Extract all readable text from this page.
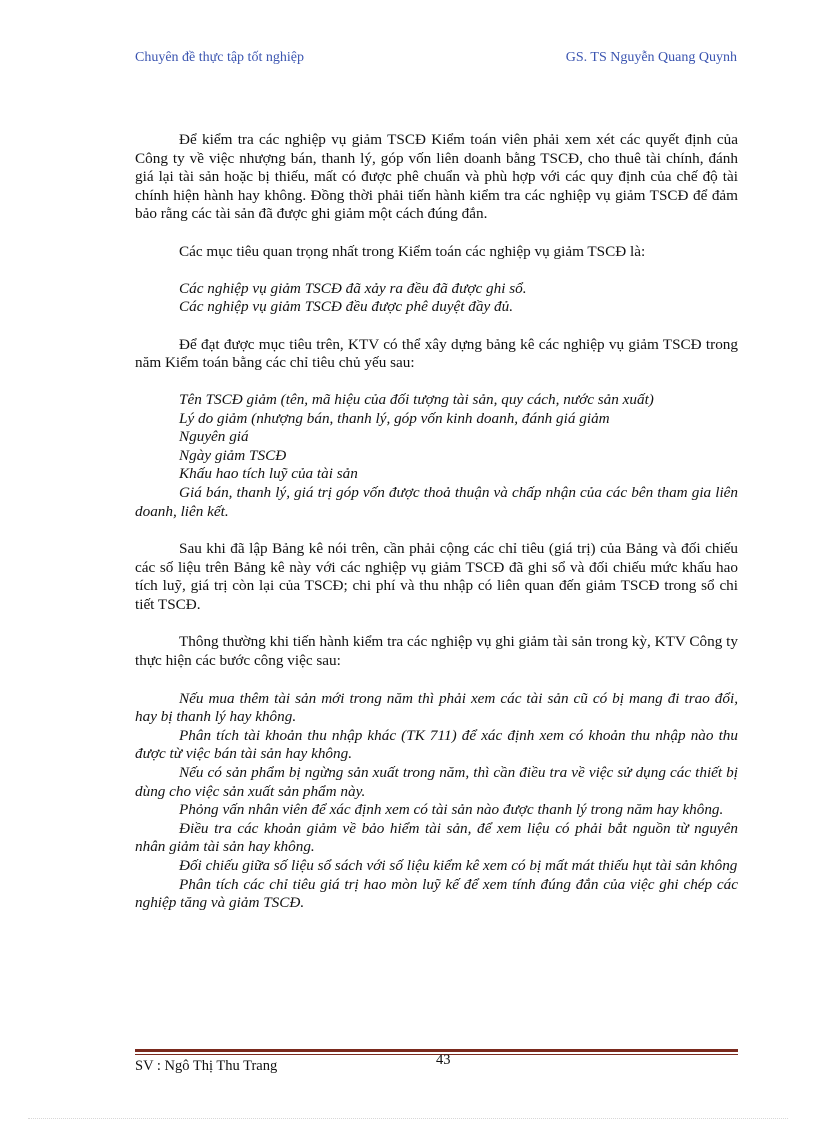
Chuyên đề thực tập tốt nghiệp	GS. TS Nguyễn Quang Quynh

Để kiểm tra các nghiệp vụ giảm TSCĐ Kiểm toán viên phải xem xét các quyết định của Công ty về việc nhượng bán, thanh lý, góp vốn liên doanh bằng TSCĐ, cho thuê tài chính, đánh giá lại tài sản hoặc bị thiếu, mất có được phê chuẩn và phù hợp với các quy định của chế độ tài chính hiện hành hay không. Đồng thời phải tiến hành kiểm tra các nghiệp vụ giảm TSCĐ để đảm bảo rằng các tài sản đã được ghi giảm một cách đúng đắn.

Các mục tiêu quan trọng nhất trong Kiểm toán các nghiệp vụ giảm TSCĐ là:

Các nghiệp vụ giảm TSCĐ đã xảy ra đều đã được ghi sổ.

Các nghiệp vụ giảm TSCĐ đều được phê duyệt đầy đủ.

Để đạt được mục tiêu trên, KTV có thể xây dựng bảng kê các nghiệp vụ giảm TSCĐ trong năm Kiểm toán bằng các chỉ tiêu chủ yếu sau:

Tên TSCĐ giảm (tên, mã hiệu của đối tượng tài sản, quy cách, nước sản xuất)

Lý do giảm (nhượng bán, thanh lý, góp vốn kinh doanh, đánh giá giảm

Nguyên giá

Ngày giảm TSCĐ

Khấu hao tích luỹ của tài sản

Giá bán, thanh lý, giá trị góp vốn được thoả thuận và chấp nhận của các bên tham gia liên doanh, liên kết.

Sau khi đã lập Bảng kê nói trên, cần phải cộng các chỉ tiêu (giá trị) của Bảng và đối chiếu các số liệu trên Bảng kê này với các nghiệp vụ giảm TSCĐ đã ghi sổ và đối chiếu mức khấu hao tích luỹ, giá trị còn lại của TSCĐ; chi phí và thu nhập có liên quan đến giảm TSCĐ trong sổ chi tiết TSCĐ.

Thông thường khi tiến hành kiểm tra các nghiệp vụ ghi giảm tài sản trong kỳ, KTV Công ty thực hiện các bước công việc sau:

Nếu mua thêm tài sản mới trong năm thì phải xem các tài sản cũ có bị mang đi trao đổi, hay bị thanh lý hay không.

Phân tích tài khoản thu nhập khác (TK 711) để xác định xem có khoản thu nhập nào thu được từ việc bán tài sản hay không.

Nếu có sản phẩm bị ngừng sản xuất trong năm, thì cần điều tra về việc sử dụng các thiết bị dùng cho việc sản xuất sản phẩm này.

Phỏng vấn nhân viên để xác định xem có tài sản nào được thanh lý trong năm hay không.

Điều tra các khoản giảm về bảo hiểm tài sản, để xem liệu có phải bắt nguồn từ nguyên nhân giảm tài sản hay không.

Đối chiếu giữa số liệu sổ sách với số liệu kiểm kê xem có bị mất mát thiếu hụt tài sản không

Phân tích các chỉ tiêu giá trị hao mòn luỹ kế để xem tính đúng đắn của việc ghi chép các nghiệp tăng và giảm TSCĐ.

SV : Ngô Thị Thu Trang	43
